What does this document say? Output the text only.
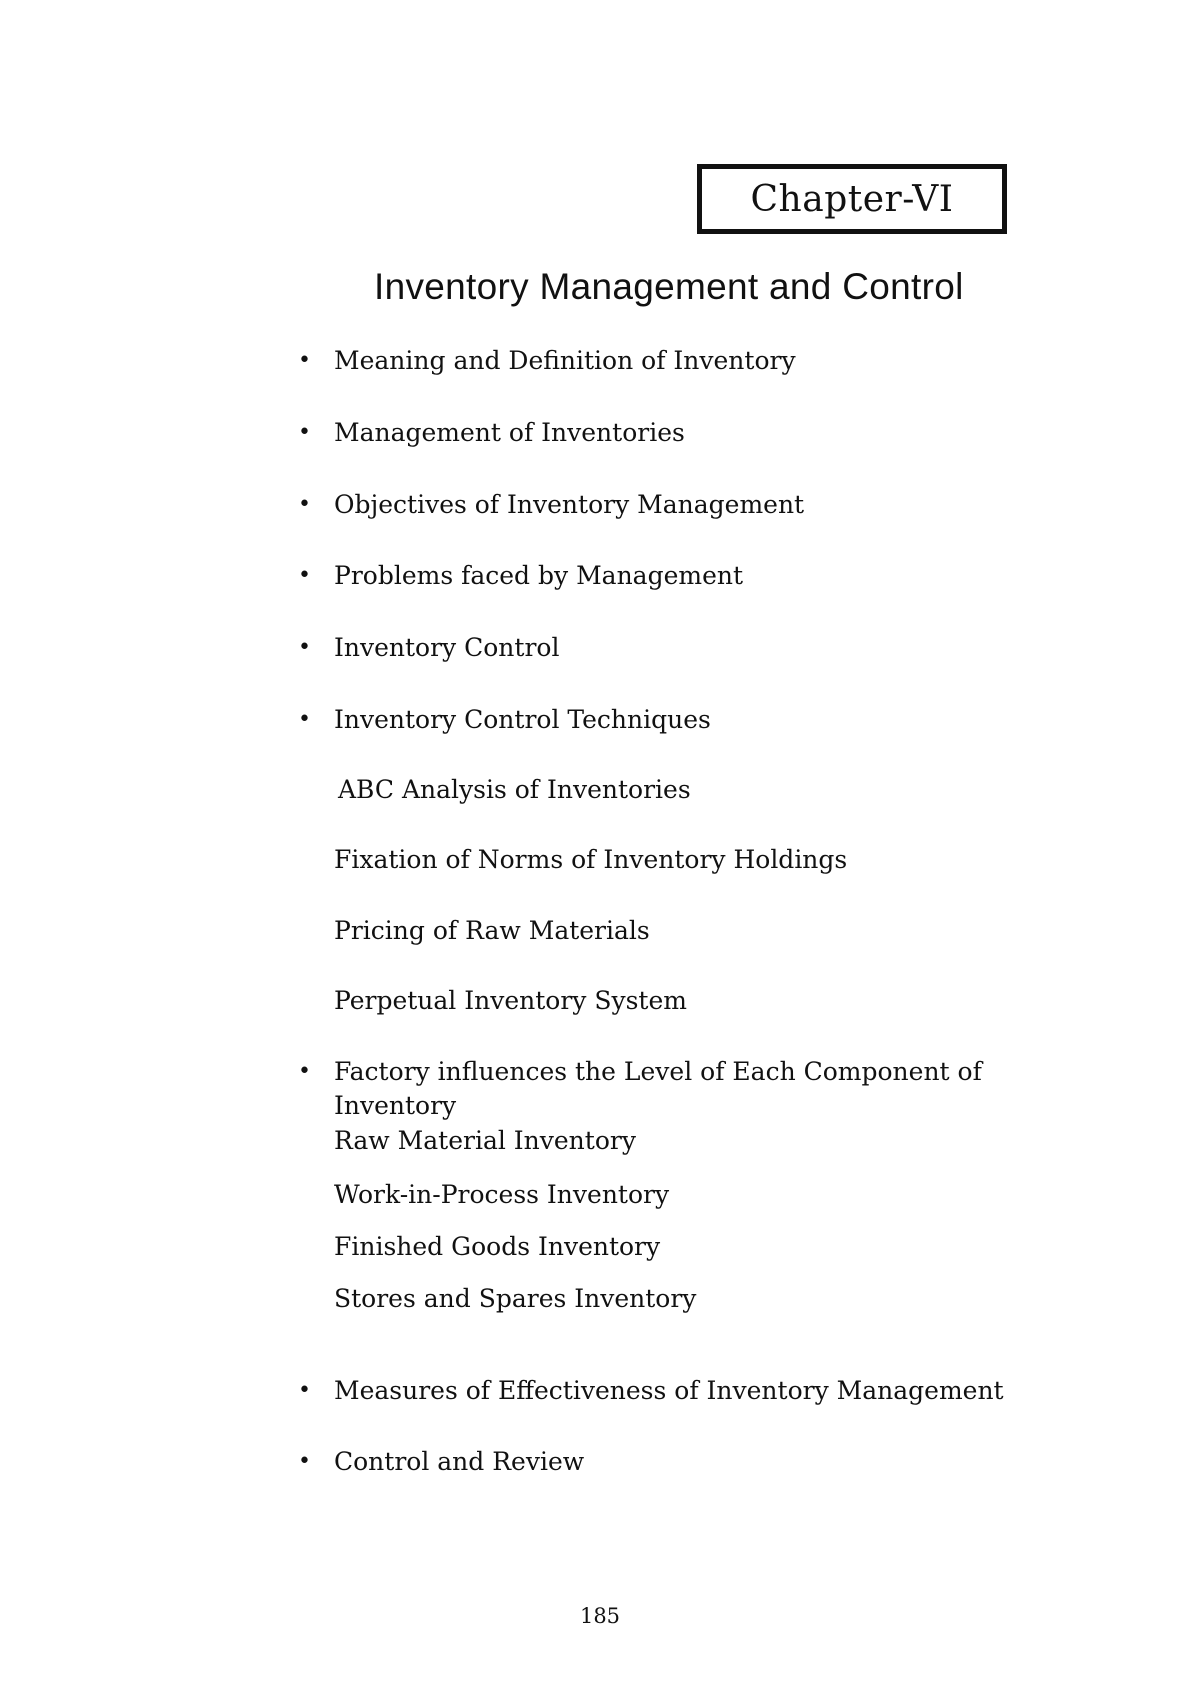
Chapter-VI
Inventory Management and Control

• Meaning and Definition of Inventory

• Management of Inventories

• Objectives of Inventory Management

• Problems faced by Management

• Inventory Control

• Inventory Control Techniques

ABC Analysis of Inventories

Fixation of Norms of Inventory Holdings

Pricing of Raw Materials

Perpetual Inventory System

• Factory influences the Level of Each Component of

Inventory

Raw Material Inventory

Work-in-Process Inventory

Finished Goods Inventory

Stores and Spares Inventory

• Measures of Effectiveness of Inventory Management

• Control and Review

185
